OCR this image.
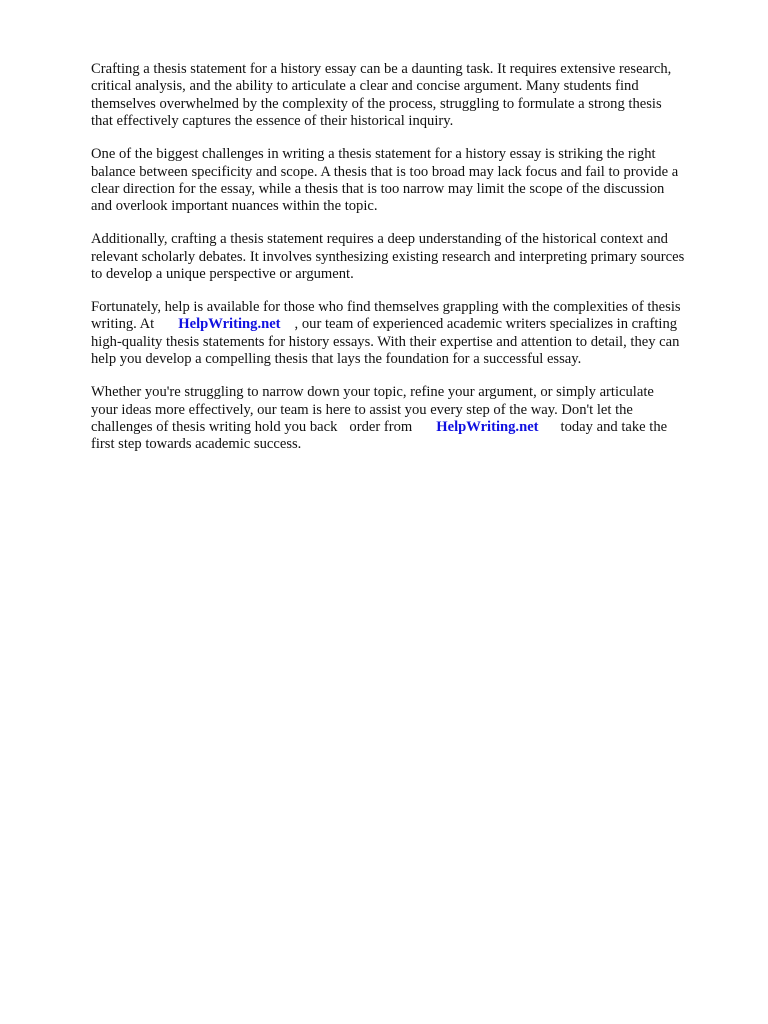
Crafting a thesis statement for a history essay can be a daunting task. It requires extensive research,
critical analysis, and the ability to articulate a clear and concise argument. Many students find
themselves overwhelmed by the complexity of the process, struggling to formulate a strong thesis
that effectively captures the essence of their historical inquiry.

One of the biggest challenges in writing a thesis statement for a history essay is striking the right
balance between specificity and scope. A thesis that is too broad may lack focus and fail to provide a
clear direction for the essay, while a thesis that is too narrow may limit the scope of the discussion
and overlook important nuances within the topic.

Additionally, crafting a thesis statement requires a deep understanding of the historical context and
relevant scholarly debates. It involves synthesizing existing research and interpreting primary sources
to develop a unique perspective or argument.

Fortunately, help is available for those who find themselves grappling with the complexities of thesis
writing. At HelpWriting.net , our team of experienced academic writers specializes in crafting
high-quality thesis statements for history essays. With their expertise and attention to detail, they can
help you develop a compelling thesis that lays the foundation for a successful essay.

Whether you're struggling to narrow down your topic, refine your argument, or simply articulate
your ideas more effectively, our team is here to assist you every step of the way. Don't let the
challenges of thesis writing hold you back order from HelpWriting.net today and take the
first step towards academic success.
